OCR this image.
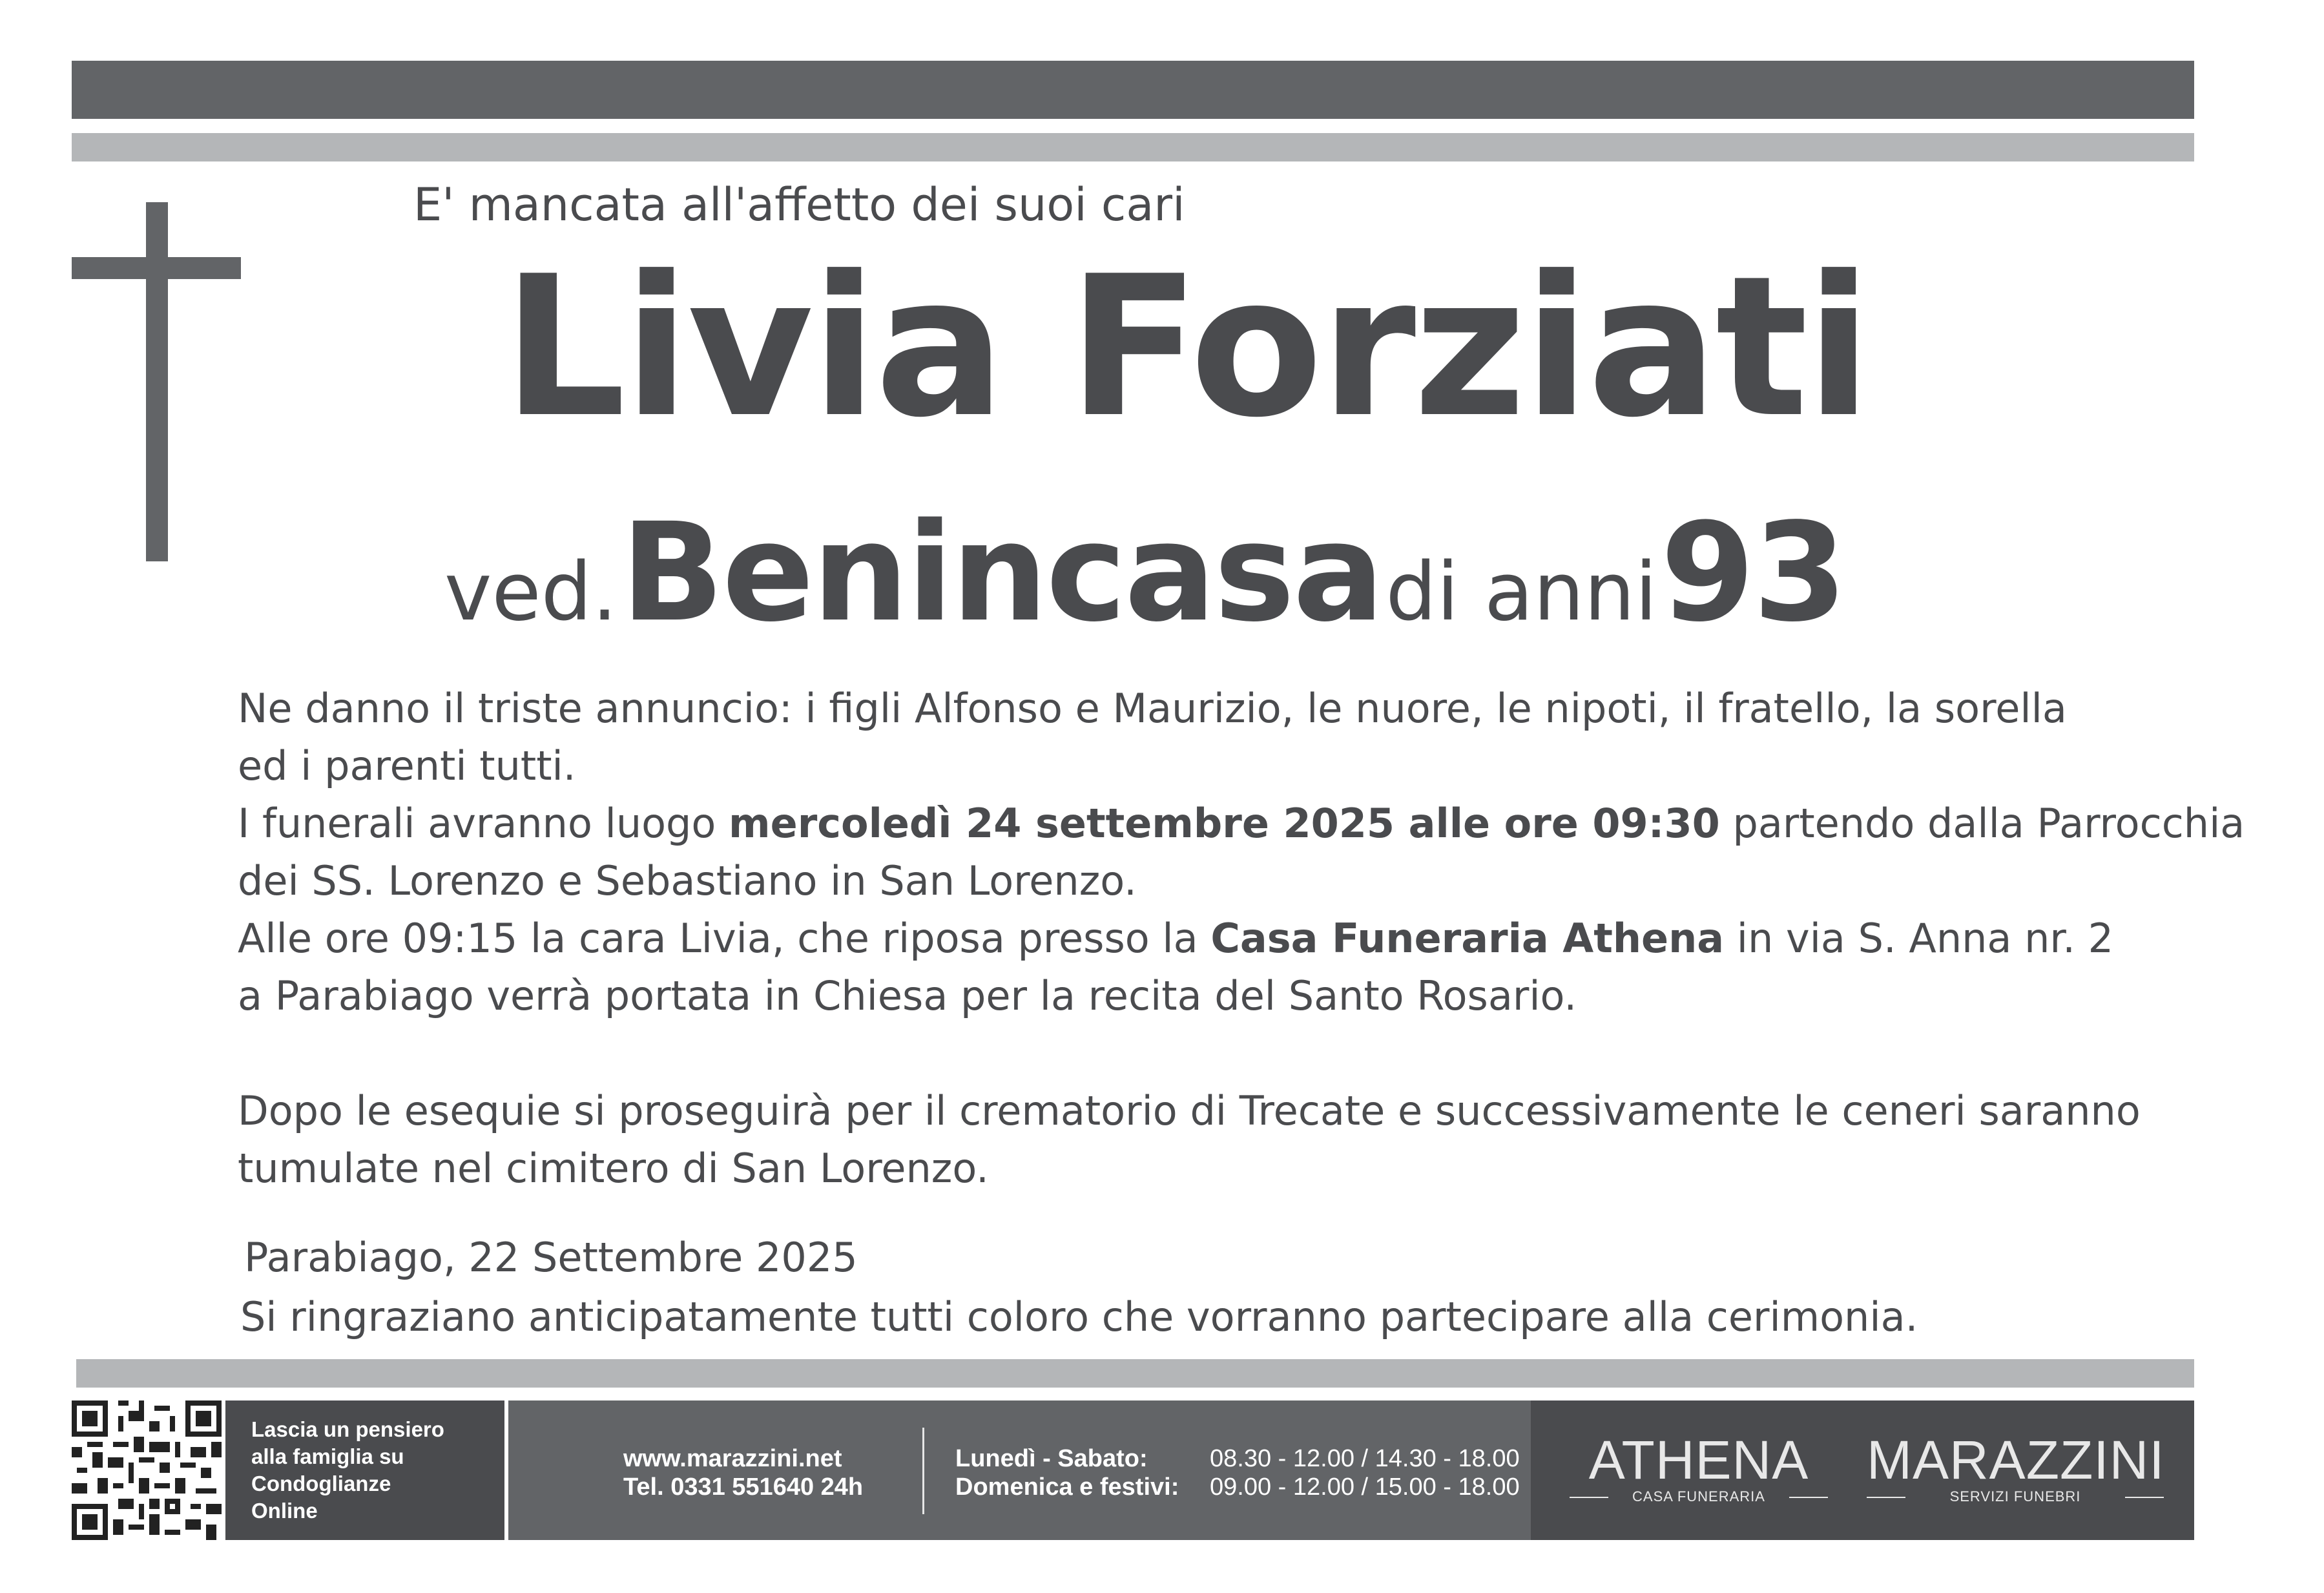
E' mancata all'affetto dei suoi cari
Livia Forziati
ved. Benincasa di anni 93

Ne danno il triste annuncio: i figli Alfonso e Maurizio, le nuore, le nipoti, il fratello, la sorella

ed i parenti tutti.

I funerali avranno luogo mercoledì 24 settembre 2025 alle ore 09:30 partendo dalla Parrocchia

dei SS. Lorenzo e Sebastiano in San Lorenzo.

Alle ore 09:15 la cara Livia, che riposa presso la Casa Funeraria Athena in via S. Anna nr. 2

a Parabiago verrà portata in Chiesa per la recita del Santo Rosario.

Dopo le esequie si proseguirà per il crematorio di Trecate e successivamente le ceneri saranno

tumulate nel cimitero di San Lorenzo.

Parabiago, 22 Settembre 2025
Si ringraziano anticipatamente tutti coloro che vorranno partecipare alla cerimonia.
Lascia un pensiero
alla famiglia su
Condoglianze
Online
www.marazzini.net
Tel. 0331 551640 24h
Lunedì - Sabato:	08.30 - 12.00 / 14.30 - 18.00
Domenica e festivi:	09.00 - 12.00 / 15.00 - 18.00	ATHENA
CASA FUNERARIA
MARAZZINI
SERVIZI FUNEBRI
